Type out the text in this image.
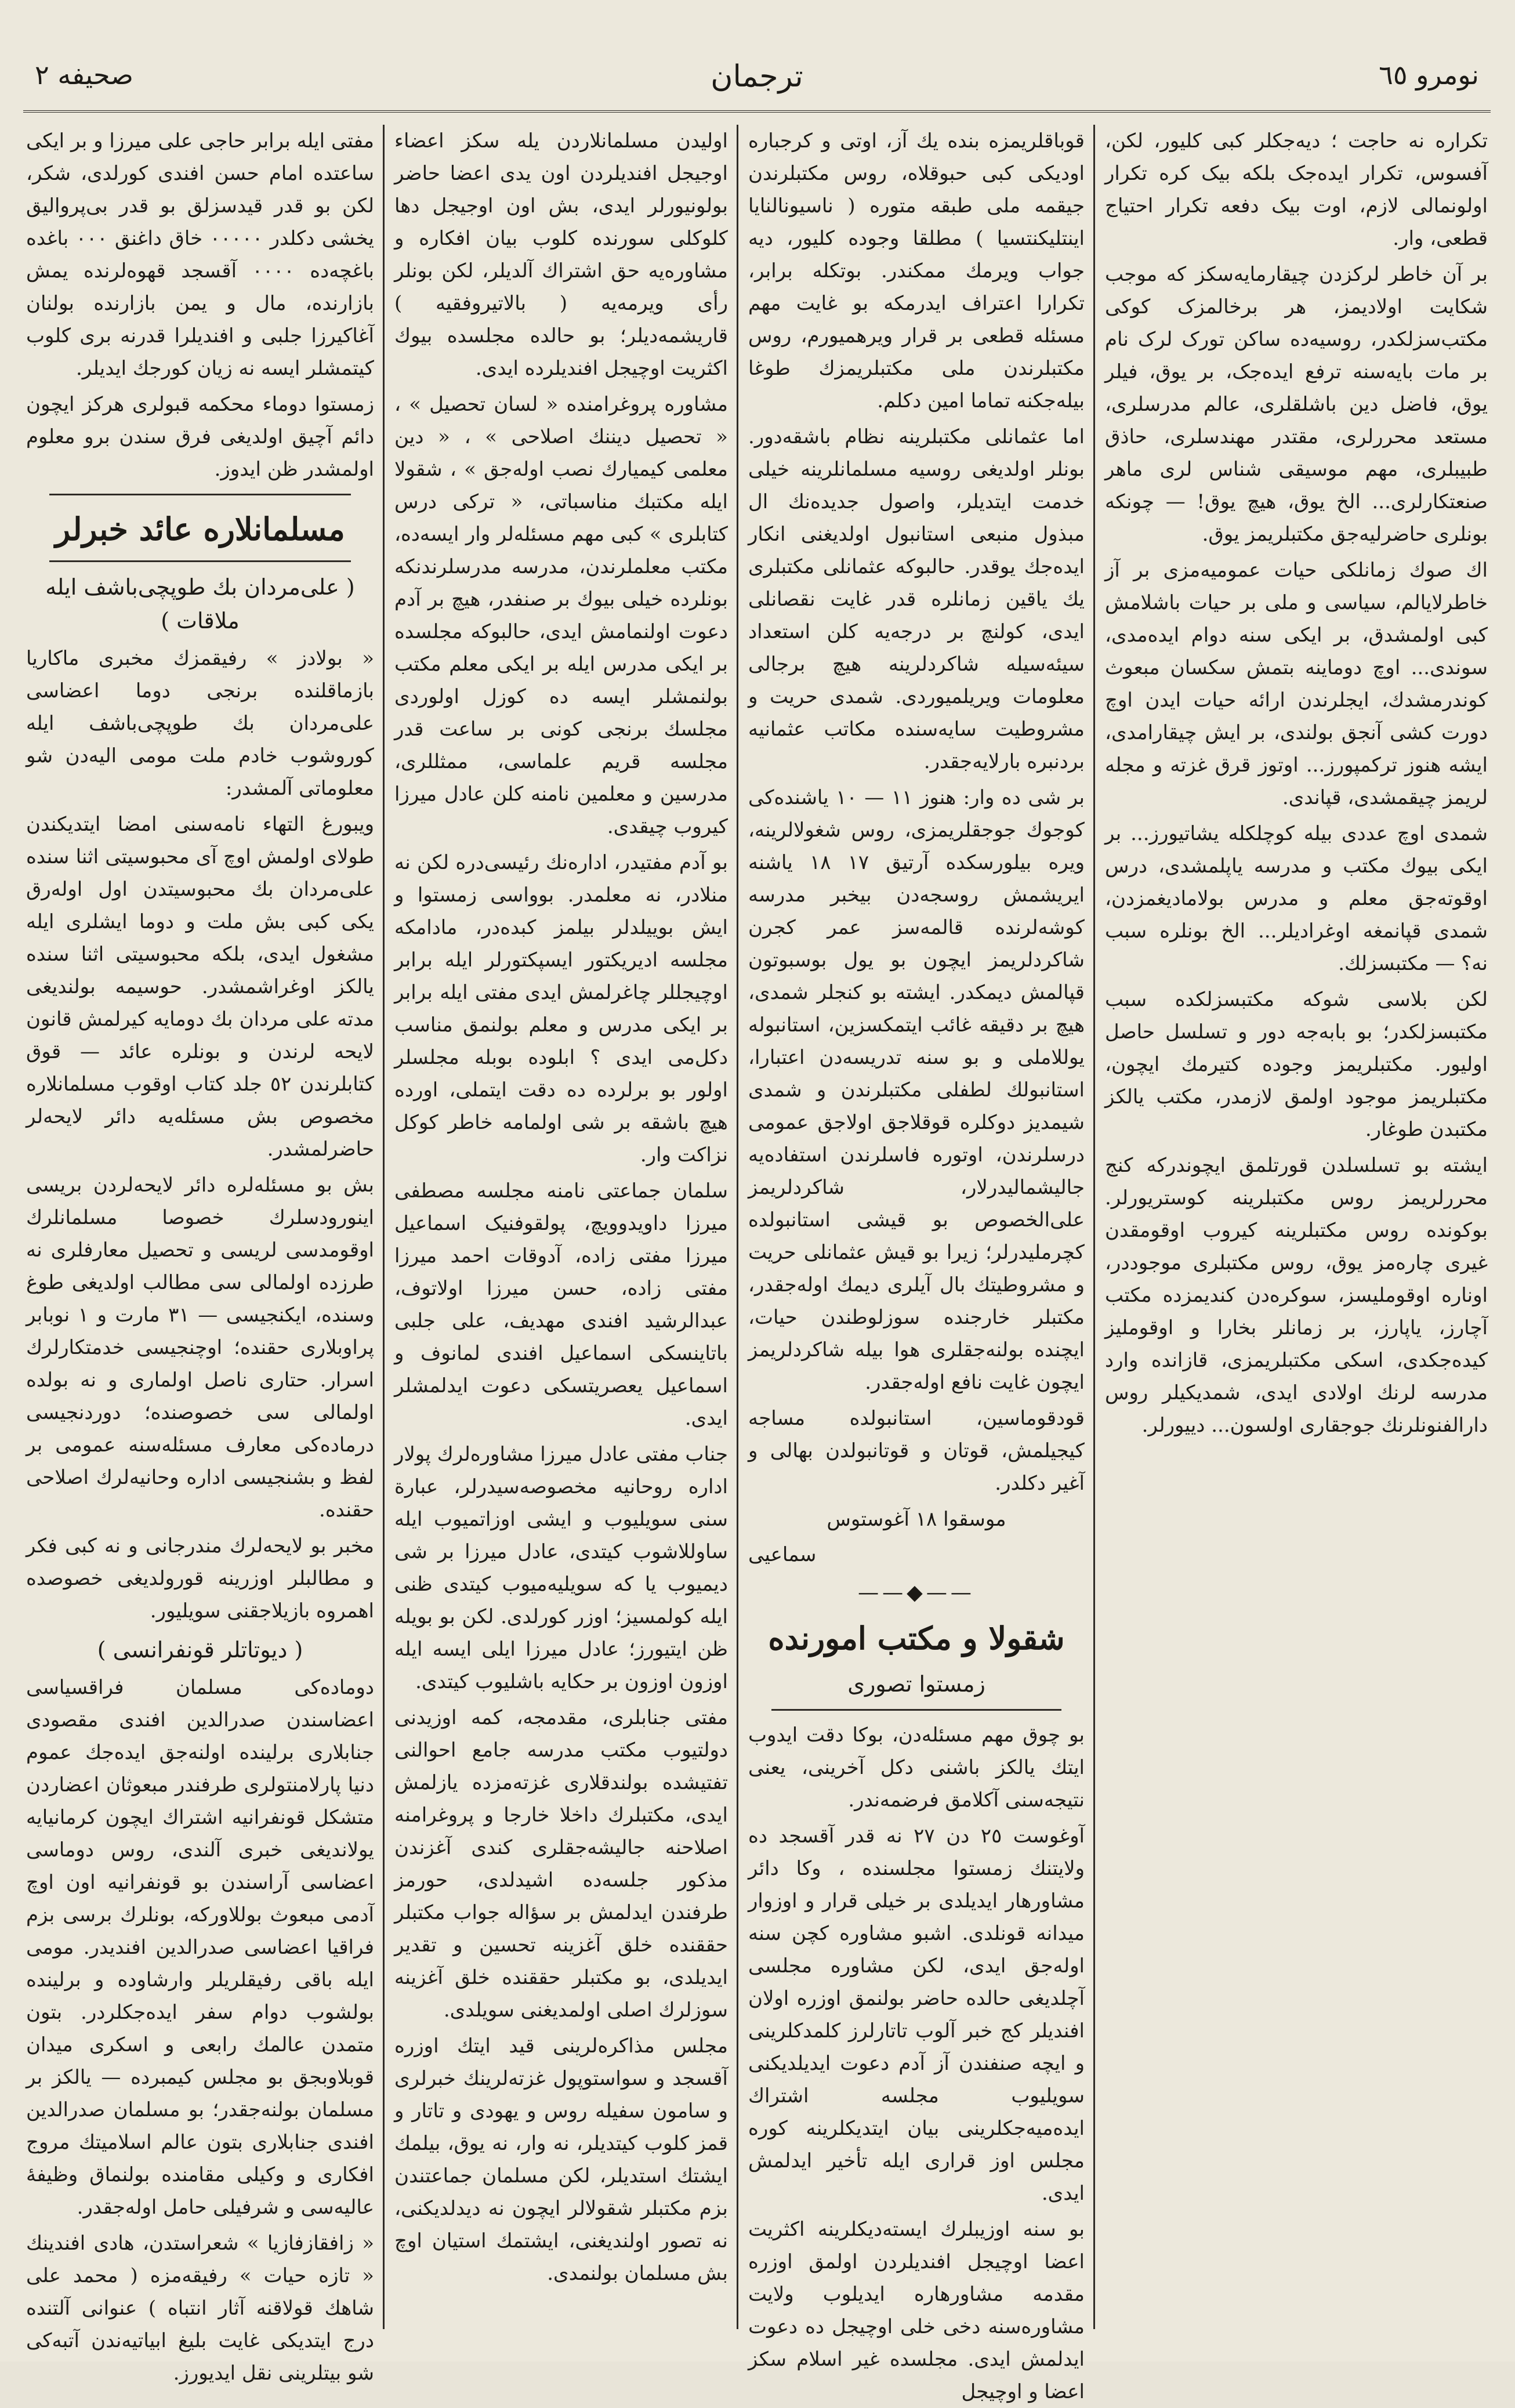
صحیفه ۲	ترجمان	نومرو ٦٥

تکراره نه حاجت ؛ دیه‌جکلر کبی کلیور، لکن، آفسوس، تکرار ایده‌جک بلکه بیک کره تکرار اولونمالی لازم، اوت بیک دفعه تکرار احتیاج قطعی، وار.

بر آن خاطر لرکزدن چیقارمایه‌سکز که موجب شکایت اولادیمز، هر برخالمزک کوکی مکتب‌سزلکدر، روسیه‌ده ساکن تورک لرک نام بر مات بایه‌سنه ترفع ایده‌جک، بر یوق، فیلر یوق، فاضل دین باشلقلری، عالم مدرسلری، مستعد محررلری، مقتدر مهندسلری، حاذق طبیبلری، مهم موسیقی شناس لری ماهر صنعتکارلری... الخ یوق، هیچ یوق! — چونکه بونلری حاضرلیه‌جق مکتبلریمز یوق.

اك صوك زمانلکی حیات عمومیه‌مزی بر آز خاطرلایالم، سیاسی و ملی بر حیات باشلامش کبی اولمشدق، بر ایکی سنه دوام ایده‌مدی، سوندی... اوچ دوماینه بتمش سکسان مبعوث کوندرمشدك، ایجلرندن ارائه حیات ایدن اوچ دورت کشی آنجق بولندی، بر ایش چیقارامدی، ایشه هنوز ترکمپورز... اوتوز قرق غزته و مجله لریمز چیقمشدی، قپاندی.

شمدی اوچ عددی بیله کوچلکله یشاتیورز... بر ایکی بیوك مکتب و مدرسه یاپلمشدی، درس اوقوته‌جق معلم و مدرس بولامادیغمزدن، شمدی قپانمغه اوغرادیلر... الخ بونلره سبب نه؟ — مکتبسزلك.

لکن بلاسی شوکه مکتبسزلکده سبب مکتبسزلکدر؛ بو بابه‌جه دور و تسلسل حاصل اولیور. مکتبلریمز وجوده کتیرمك ایچون، مکتبلریمز موجود اولمق لازمدر، مکتب یالکز مکتبدن طوغار.

ایشته بو تسلسلدن قورتلمق ایچوندرکه کنج محررلریمز روس مکتبلرینه کوستریورلر. بوکونده روس مکتبلرینه کیروب اوقومقدن غیری چاره‌مز یوق، روس مکتبلری موجوددر، اوناره اوقوملیسز، سوکره‌دن کندیمزده مکتب آچارز، یاپارز، بر زمانلر بخارا و اوقوملیز کیده‌جکدی، اسکی مکتبلریمزی، قازانده وارد مدرسه لرنك اولادی ایدی، شمدیکیلر روس دارالفنونلرنك جوجقاری اولسون... دییورلر.

قوباقلریمزه بنده یك آز، اوتی و کرجباره اودیکی کبی حبوقلاه، روس مکتبلرندن جیقمه ملی طبقه متوره ( ناسیونالنایا اینتلیکنتسیا ) مطلقا وجوده کلیور، دیه جواب ویرمك ممکندر. بوتکله برابر، تکرارا اعتراف ایدرمکه بو غایت مهم مسئله قطعی بر قرار ویرهمیورم، روس مکتبلرندن ملی مکتبلریمزك طوغا بیله‌جکنه تماما امین دکلم.

اما عثمانلی مکتبلرینه نظام باشقه‌دور. بونلر اولدیغی روسیه مسلمانلرینه خیلی خدمت ایتدیلر، واصول جدیده‌نك ال مبذول منبعی استانبول اولدیغنی انکار ایده‌جك یوقدر. حالبوکه عثمانلی مکتبلری یك یاقین زمانلره قدر غایت نقصانلی ایدی، کولنچ بر درجه‌یه کلن استعداد سیئه‌سیله شاکردلرینه هیچ برجالی معلومات ویریلمیوردی. شمدی حریت و مشروطیت سایه‌سنده مکاتب عثمانیه بردنبره بارلایه‌جقدر.

بر شی ده وار: هنوز ١١ — ١٠ یاشنده‌کی کوجوك جوجقلریمزی، روس شغولالرینه، ویره بیلورسکده آرتیق ١٧ ١٨ یاشنه ایریشمش روسجه‌دن بیخبر مدرسه‌ کوشه‌لرنده قالمه‌سز عمر کجرن شاکردلریمز ایچون بو یول بوسبوتون قپالمش دیمکدر. ایشته بو کنجلر شمدی، هیچ بر دقیقه غائب ایتمکسزین، استانبوله یوللاملی و بو سنه تدریسه‌دن اعتبارا، استانبولك لطفلی مکتبلرندن و شمدی شیمدیز دوکلره قوقلاجق اولاجق عمومی درسلرندن، اوتوره فاسلرندن استفاده‌یه جالیشمالیدرلار، شاکردلریمز علی‌الخصوص بو قیشی استانبولده کچرملیدرلر؛ زیرا بو قیش عثمانلی حریت و مشروطیتك بال آیلری دیمك اوله‌جقدر، مکتبلر خارجنده سوزلوطندن حیات، ایچنده بولنه‌جقلری هوا بیله شاکردلریمز ایچون غایت نافع اوله‌جقدر.

قودقوماسین، استانبولده مساجه کیجیلمش، قوتان و قوتانبولدن بهالی و آغیر دکلدر.

موسقوا ١٨ آغوستوس

سماعیی

——◆——
شقولا و مکتب امورنده
زمستوا تصوری

بو چوق مهم مسئله‌دن، بوکا دقت ایدوب ایتك یالکز باشنی دکل آخرینی، یعنی نتیجه‌سنی آکلامق فرضمه‌ندر.

آوغوست ٢٥ دن ٢٧ نه قدر آقسجد ده ولایتنك زمستوا مجلسنده ، وکا دائر مشاورهار ایدیلدی بر خیلی قرار و اوزوار میدانه قونلدی. اشبو مشاوره کچن سنه اوله‌جق ایدی، لکن مشاوره مجلسی آچلدیغی حالده حاضر بولنمق اوزره اولان افندیلر کج خبر آلوب تاتارلرز کلمدکلرینی و ایچه صنفندن آز آدم دعوت ایدیلدیکنی سویلیوب مجلسه اشتراك ایده‌میه‌جکلرینی بیان ایتدیکلرینه کوره مجلس اوز قراری ایله تأخیر ایدلمش ایدی.

بو سنه اوزیبلرك ایسته‌دیکلرینه اکثریت اعضا اوچیجل افندیلردن اولمق اوزره مقدمه مشاورهاره ایدیلوب ولایت مشاوره‌سنه دخی خلی اوچیجل ده دعوت ایدلمش ایدی. مجلسده غیر اسلام سکز اعضا و اوچیجل

اولیدن مسلمانلاردن یله سکز اعضاء اوجیجل افندیلردن اون یدی اعضا حاضر بولونیورلر ایدی، بش اون اوجیجل دها کلوکلی سورنده کلوب بیان افکاره و مشاوره‌یه حق اشتراك آلدیلر، لکن بونلر رأی ویرمه‌یه ( بالاتیروفقیه ) قاریشمه‌دیلر؛ بو حالده مجلسده بیوك اکثریت اوچیجل افندیلرده ایدی.

مشاوره پروغرامنده « لسان تحصیل » ، « تحصیل دیننك اصلاحی » ، « دین معلمی کیمیارك نصب اوله‌جق » ، شقولا ایله مکتبك مناسباتی، « ترکی درس کتابلری » کبی مهم مسئله‌لر وار ایسه‌ده، مکتب معلملرندن، مدرسه مدرسلرندنکه بونلرده خیلی بیوك بر صنفدر، هیچ بر آدم دعوت اولنمامش ایدی، حالبوکه مجلسده بر ایکی مدرس ایله بر ایکی معلم مکتب بولنمشلر ایسه ده کوزل اولوردی مجلسك برنجی کونی بر ساعت قدر مجلسه قریم علماسی، ممثللری، مدرسین و معلمین نامنه کلن عادل میرزا کیروب چیقدی.

بو آدم مفتیدر، اداره‌نك رئیسی‌دره لکن نه منلادر، نه معلمدر. بوواسی زمستوا و ایش بوییلدلر بیلمز کبده‌در، مادامکه مجلسه ادیریکتور ایسپکتورلر ایله برابر اوچیجللر چاغرلمش ایدی مفتی ایله برابر بر ایکی مدرس و معلم بولنمق مناسب دکل‌می ایدی ؟ ابلوده بوبله مجلسلر اولور بو برلرده ده دقت ایتملی، اورده هیچ باشقه بر شی اولمامه خاطر کوکل نزاکت وار.

سلمان جماعتی نامنه مجلسه مصطفی میرزا داویدوویچ، پولقوفنیک اسماعیل میرزا مفتی زاده، آدوقات احمد میرزا مفتی زاده، حسن میرزا اولاتوف، عبدالرشید افندی مهدیف، علی جلبی باتاینسکی اسماعیل افندی لمانوف و اسماعیل یعصریتسکی دعوت ایدلمشلر ایدی.

جناب مفتی عادل میرزا مشاوره‌لرك پولار اداره روحانیه مخصوصه‌سیدرلر، عبارة‌ سنی سویلیوب و ایشی اوزاتمیوب ایله ساوللاشوب کیتدی، عادل میرزا بر شی دیمیوب یا که سویلیه‌میوب کیتدی ظنی ایله کولمسیز؛ اوزر کورلدی. لکن بو بویله ظن ایتیورز؛ عادل میرزا ایلی ایسه ایله اوزون اوزون بر حکایه باشلیوب کیتدی.

مفتی جنابلری، مقدمجه، کمه اوزیدنی دولتیوب مکتب مدرسه جامع احوالنی تفتیشده بولندقلاری غزته‌مزده یازلمش ایدی، مکتبلرك داخلا خارجا و پروغرامنه اصلاحنه جالیشه‌جقلری کندی آغزندن مذکور جلسه‌ده اشیدلدی، حورمز طرفندن ایدلمش بر سؤاله جواب مکتبلر حققنده خلق آغزینه تحسین و تقدیر ایدیلدی، بو مکتبلر حققنده خلق آغزینه سوزلرك اصلی اولمدیغنی سویلدی.

مجلس مذاکره‌لرینی قید ایتك اوزره آقسجد و سواستوپول غزته‌لرینك خبرلری و سامون سفیله روس و یهودی و تاتار و قمز کلوب کیتدیلر، نه وار، نه یوق، بیلمك ایشتك استدیلر، لکن مسلمان جماعتندن بزم مکتبلر شقولالر ایچون نه دیدلدیکنی، نه تصور اولندیغنی، ایشتمك استیان اوچ بش مسلمان بولنمدی.

مفتی ایله برابر حاجی علی میرزا و بر ایکی ساعتده امام حسن افندی کورلدی، شکر، لکن بو قدر قیدسزلق بو قدر بی‌پروالیق یخشی دکلدر ٠٠٠٠٠ خاق داغنق ٠٠٠ باغده باغچه‌ده ٠٠٠٠ آقسجد قهوه‌لرنده یمش بازارنده، مال و یمن بازارنده بولنان آغاکیرزا جلبی و افندیلرا قدرنه بری کلوب کیتمشلر ایسه نه زیان کورجك ایدیلر.

زمستوا دوماء محکمه قبولری هرکز ایچون دائم آچیق اولدیغی فرق سندن برو معلوم اولمشدر ظن ایدوز.

مسلمانلاره عائد خبرلر
( علی‌مردان بك طوپچی‌باشف ایله ملاقات )

« بولادز » رفیقمزك مخبری ماکاریا بازماقلنده برنجی دوما اعضاسی علی‌مردان بك طوپچی‌باشف ایله کوروشوب خادم ملت مومی الیه‌دن شو معلوماتی آلمشدر:

ویبورغ التهاء نامه‌سنی امضا ایتدیکندن طولای اولمش اوچ آی محبوسیتی اثنا سنده علی‌مردان بك محبوسیتدن اول اوله‌رق یکی کبی بش ملت و دوما ایشلری ایله مشغول ایدی، بلکه محبوسیتی اثنا سنده یالکز اوغراشمشدر. حوسیمه بولندیغی مدته علی مردان بك دومایه کیرلمش قانون لایحه لرندن و بونلره عائد — قوق کتابلرندن ٥٢ جلد کتاب اوقوب مسلمانلاره مخصوص بش مسئله‌یه دائر لایحه‌لر حاضرلمشدر.

بش بو مسئله‌لره دائر لایحه‌لردن بریسی اینورودسلرك خصوصا مسلمانلرك اوقومدسی لریسی و تحصیل معارفلری نه طرزده اولمالی سی مطالب اولدیغی طوغ وسنده، ایکنجیسی — ٣١ مارت و ١ نوبابر پراوبلاری حقنده؛ اوچنجیسی خدمتکارلرك اسرار. حتاری ناصل اولماری و نه بولده اولمالی سی خصوصنده؛ دوردنجیسی درماده‌کی معارف مسئله‌سنه عمومی بر لفظ و بشنجیسی اداره وحانیه‌لرك اصلاحی حقنده.

مخبر بو لایحه‌لرك مندرجانی و نه کبی فکر و مطالبلر اوزرینه قورولدیغی خصوصده اهمروه بازیلاجقنی سویلیور.

( دیوتاتلر قونفرانسی )

دوماده‌کی مسلمان فراقسیاسی اعضاسندن صدرالدین افندی مقصودی جنابلاری برلینده اولنه‌جق ایده‌جك عموم دنیا پارلامنتولری طرفندر مبعوثان اعضاردن متشکل قونفرانیه اشتراك ایچون کرمانیایه یولاندیغی خبری آلندی، روس دوماسی اعضاسی آراسندن بو قونفرانیه اون اوچ آدمی مبعوث بوللاورکه، بونلرك برسی بزم فراقیا اعضاسی صدرالدین افندیدر. مومی ایله باقی رفیقلریلر وارشاوده و برلینده بولشوب دوام سفر ایده‌جکلردر. بتون متمدن عالمك رابعی و اسکری میدان قوبلاوبجق بو مجلس کیمبرده — یالکز بر مسلمان بولنه‌جقدر؛ بو مسلمان صدرالدین افندی جنابلاری بتون عالم اسلامیتك مروج افکاری و وکیلی مقامنده بولنماق وظیفهٔ عالیه‌سی و شرفیلی حامل اوله‌جقدر.

« زافقازفازیا » شعراستدن، هادی افندینك « تازه حیات » رفیقه‌مزه ( محمد علی شاهك قولاقنه آثار انتباه ) عنوانی آلتنده درج ایتدیکی غایت بلیغ ابیاتیه‌ندن آتبه‌کی شو بیتلرینی نقل ایدیورز.
